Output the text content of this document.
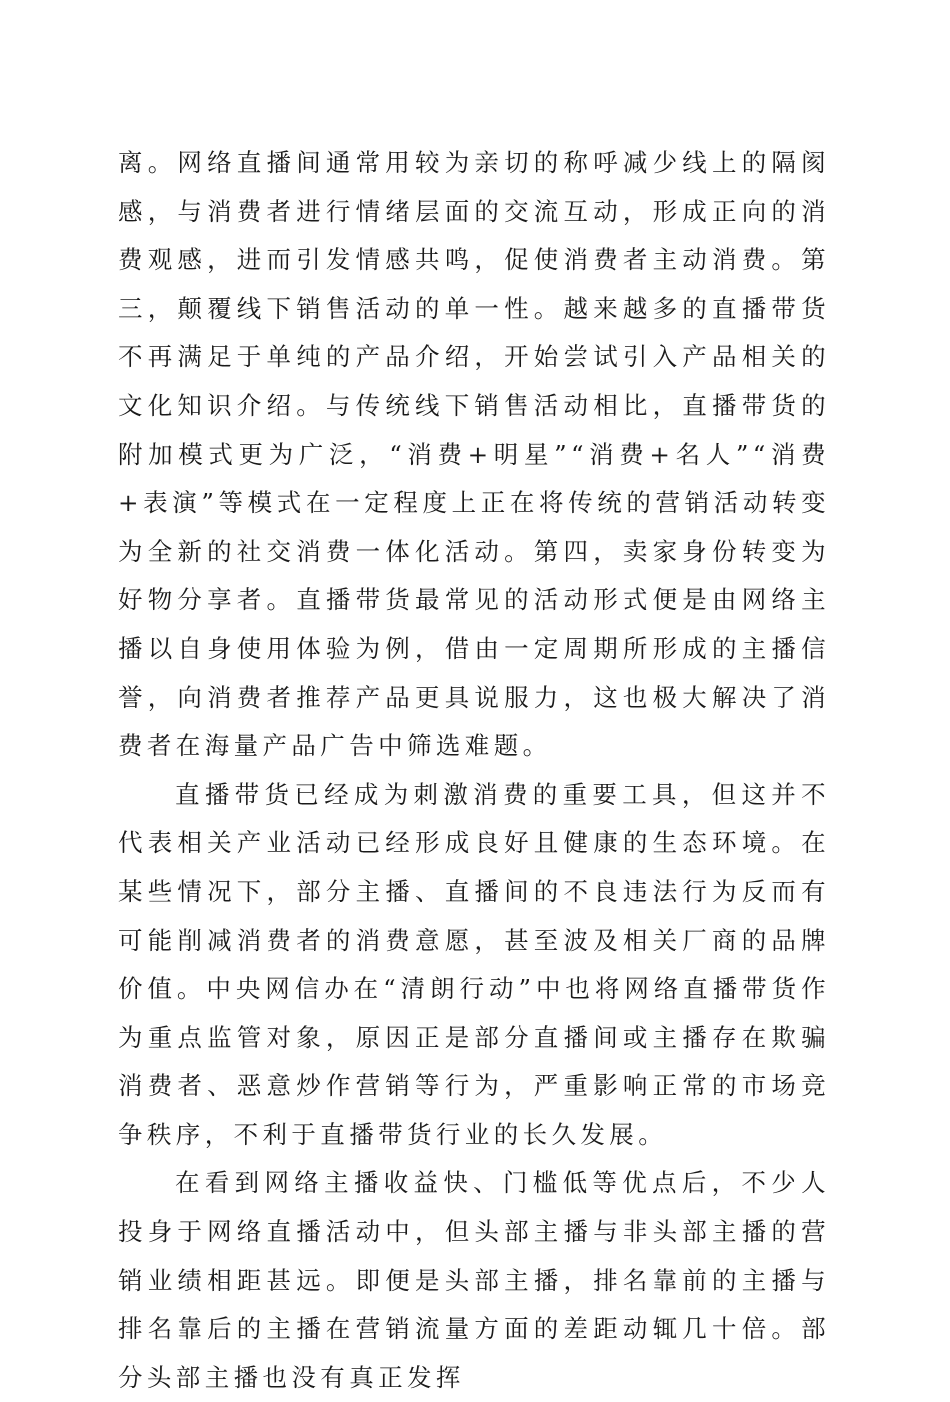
离。网络直播间通常用较为亲切的称呼减少线上的隔阂感，与消费者进行情绪层面的交流互动，形成正向的消费观感，进而引发情感共鸣，促使消费者主动消费。第三，颠覆线下销售活动的单一性。越来越多的直播带货不再满足于单纯的产品介绍，开始尝试引入产品相关的文化知识介绍。与传统线下销售活动相比，直播带货的附加模式更为广泛，“消费+明星”“消费+名人”“消费+表演”等模式在一定程度上正在将传统的营销活动转变为全新的社交消费一体化活动。第四，卖家身份转变为好物分享者。直播带货最常见的活动形式便是由网络主播以自身使用体验为例，借由一定周期所形成的主播信誉，向消费者推荐产品更具说服力，这也极大解决了消费者在海量产品广告中筛选难题。

直播带货已经成为刺激消费的重要工具，但这并不代表相关产业活动已经形成良好且健康的生态环境。在某些情况下，部分主播、直播间的不良违法行为反而有可能削减消费者的消费意愿，甚至波及相关厂商的品牌价值。中央网信办在“清朗行动”中也将网络直播带货作为重点监管对象，原因正是部分直播间或主播存在欺骗消费者、恶意炒作营销等行为，严重影响正常的市场竞争秩序，不利于直播带货行业的长久发展。

在看到网络主播收益快、门槛低等优点后，不少人投身于网络直播活动中，但头部主播与非头部主播的营销业绩相距甚远。即便是头部主播，排名靠前的主播与排名靠后的主播在营销流量方面的差距动辄几十倍。部分头部主播也没有真正发挥
